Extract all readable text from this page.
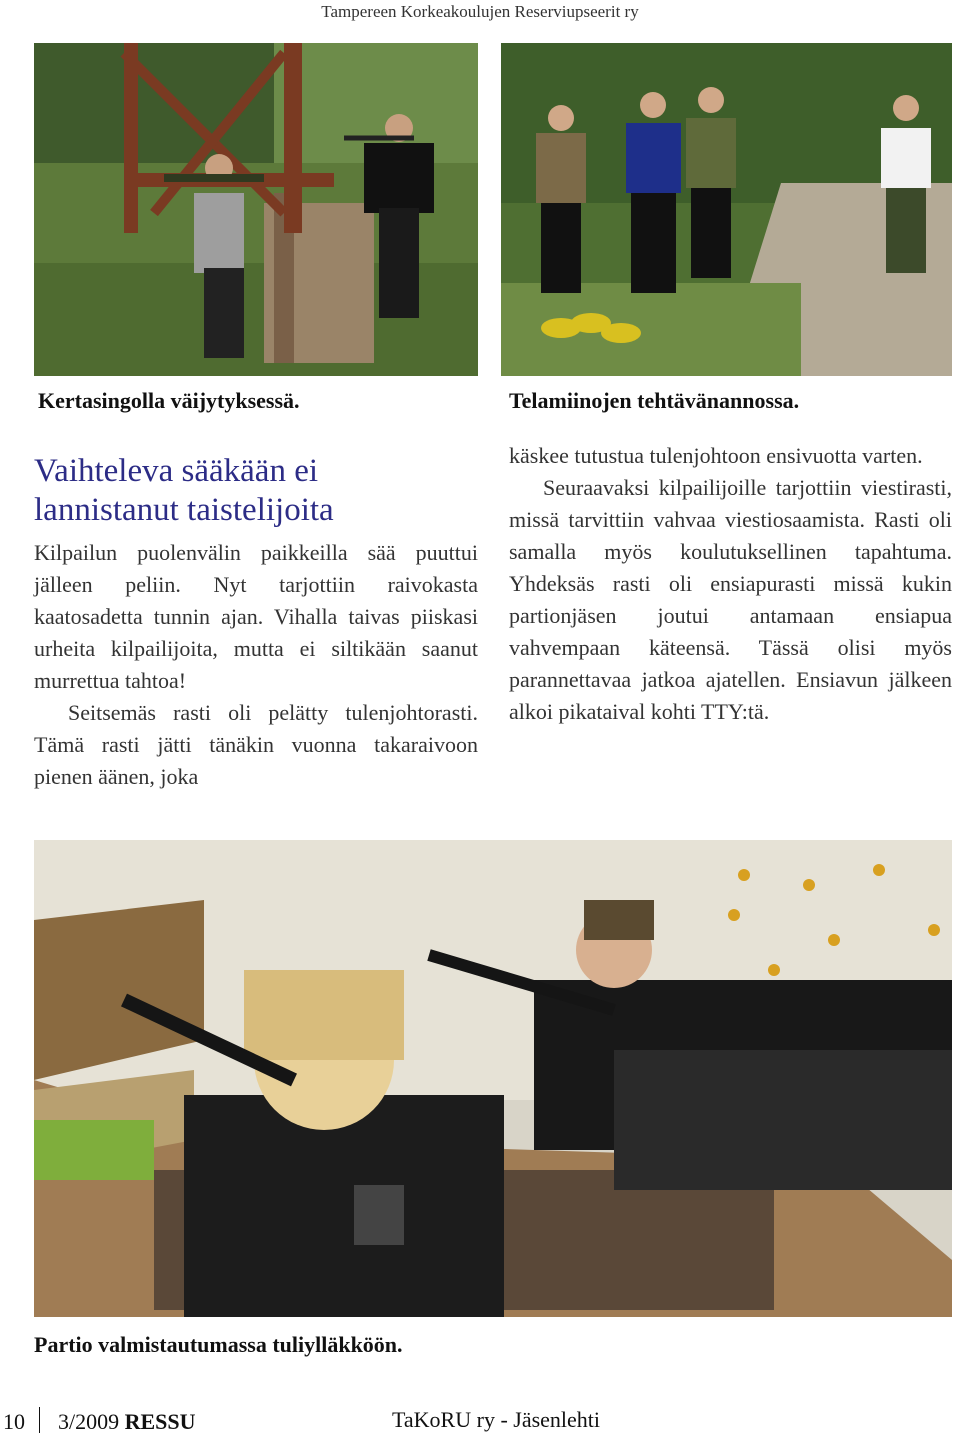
Tampereen Korkeakoulujen Reserviupseerit ry
Kertasingolla väijytyksessä.	Telamiinojen tehtävänannossa.
Vaihteleva sääkään ei lannistanut taistelijoita

Kilpailun puolenvälin paikkeilla sää puuttui jälleen peliin. Nyt tarjottiin raivokasta kaatosadetta tunnin ajan. Vihalla taivas piiskasi urheita kilpailijoita, mutta ei siltikään saanut murrettua tahtoa!

Seitsemäs rasti oli pelätty tulenjohtorasti. Tämä rasti jätti tänäkin vuonna takaraivoon pienen äänen, joka

käskee tutustua tulenjohtoon ensivuotta varten.

Seuraavaksi kilpailijoille tarjottiin viestirasti, missä tarvittiin vahvaa viestiosaamista. Rasti oli samalla myös koulutuksellinen tapahtuma. Yhdeksäs rasti oli ensiapurasti missä kukin partionjäsen joutui antamaan ensiapua vahvempaan käteensä. Tässä olisi myös parannettavaa jatkoa ajatellen. Ensiavun jälkeen alkoi pikataival kohti TTY:tä.

Partio valmistautumassa tuliylläkköön.
10 3/2009 RESSU	TaKoRU ry - Jäsenlehti
